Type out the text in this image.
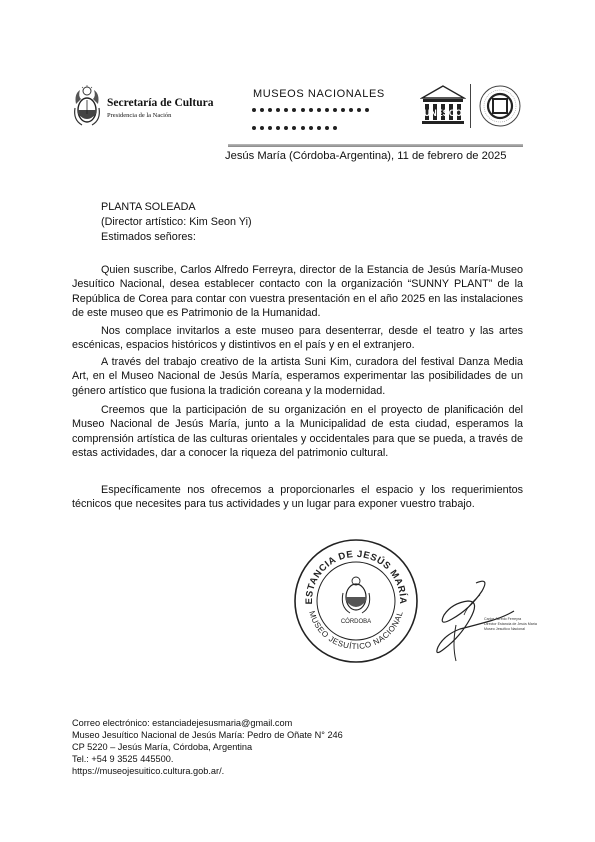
Secretaría de Cultura
Presidencia de la Nación
MUSEOS NACIONALES
UNESCO
Jesús María (Córdoba-Argentina), 11 de febrero de 2025
PLANTA SOLEADA
(Director artístico: Kim Seon Yi)
Estimados señores:
Quien suscribe, Carlos Alfredo Ferreyra, director de la Estancia de Jesús María-Museo Jesuítico Nacional, desea establecer contacto con la organización “SUNNY PLANT” de la República de Corea para contar con vuestra presentación en el año 2025 en las instalaciones de este museo que es Patrimonio de la Humanidad.
Nos complace invitarlos a este museo para desenterrar, desde el teatro y las artes escénicas, espacios históricos y distintivos en el país y en el extranjero.
A través del trabajo creativo de la artista Suni Kim, curadora del festival Danza Media Art, en el Museo Nacional de Jesús María, esperamos experimentar las posibilidades de un género artístico que fusiona la tradición coreana y la modernidad.
Creemos que la participación de su organización en el proyecto de planificación del Museo Nacional de Jesús María, junto a la Municipalidad de esta ciudad, esperamos la comprensión artística de las culturas orientales y occidentales para que se pueda, a través de estas actividades, dar a conocer la riqueza del patrimonio cultural.
Específicamente nos ofrecemos a proporcionarles el espacio y los requerimientos técnicos que necesites para tus actividades y un lugar para exponer vuestro trabajo.
ESTANCIA DE JESÚS MARÍA
MUSEO JESUÍTICO NACIONAL
CÓRDOBA	Carlos Alfredo Ferreyra
Director Estancia de Jesús María
Museo Jesuítico Nacional
Correo electrónico: estanciadejesusmaria@gmail.com
Museo Jesuítico Nacional de Jesús María: Pedro de Oñate N° 246
CP 5220 – Jesús María, Córdoba, Argentina
Tel.: +54 9 3525 445500.
https://museojesuitico.cultura.gob.ar/.
